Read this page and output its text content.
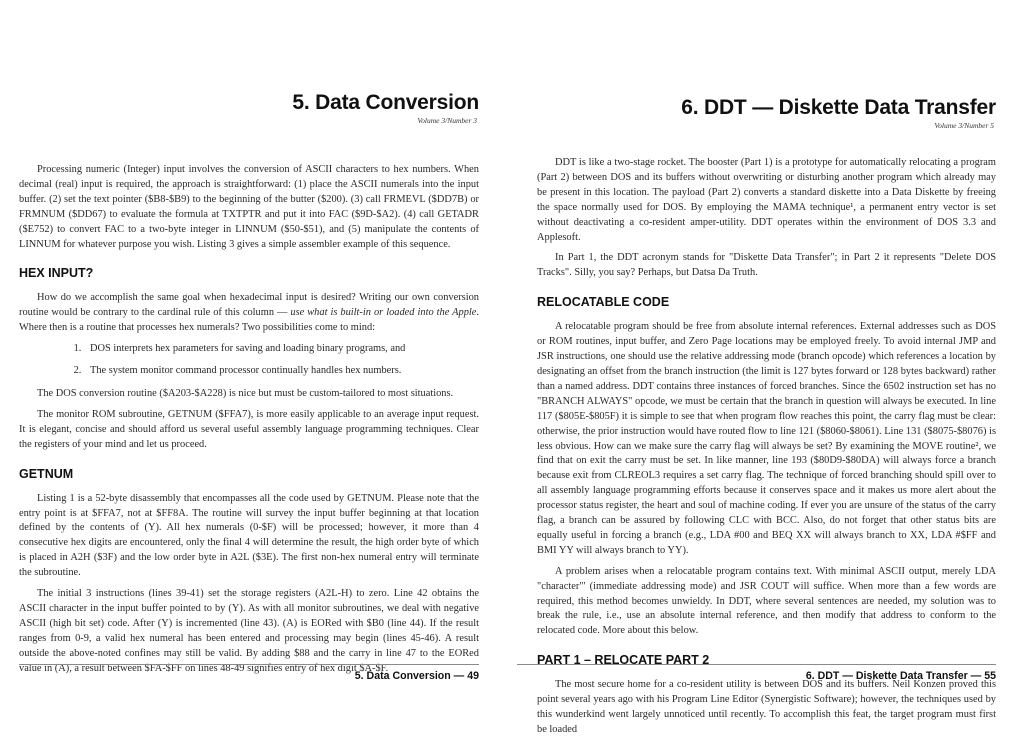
5. Data Conversion
Volume 3/Number 3

Processing numeric (Integer) input involves the conversion of ASCII characters to hex numbers. When decimal (real) input is required, the approach is straightforward: (1) place the ASCII numerals into the input buffer. (2) set the text pointer ($B8-$B9) to the beginning of the butter ($200). (3) call FRMEVL ($DD7B) or FRMNUM ($DD67) to evaluate the formula at TXTPTR and put it into FAC ($9D-$A2). (4) call GETADR ($E752) to convert FAC to a two-byte integer in LINNUM ($50-$51), and (5) manipulate the contents of LINNUM for whatever purpose you wish. Listing 3 gives a simple assembler example of this sequence.

HEX INPUT?

How do we accomplish the same goal when hexadecimal input is desired? Writing our own conversion routine would be contrary to the cardinal rule of this column — use what is built-in or loaded into the Apple. Where then is a routine that processes hex numerals? Two possibilities come to mind:

1. DOS interprets hex parameters for saving and loading binary programs, and
2. The system monitor command processor continually handles hex numbers.

The DOS conversion routine ($A203-$A228) is nice but must be custom-tailored to most situations.

The monitor ROM subroutine, GETNUM ($FFA7), is more easily applicable to an average input request. It is elegant, concise and should afford us several useful assembly language programming techniques. Clear the registers of your mind and let us proceed.

GETNUM

Listing 1 is a 52-byte disassembly that encompasses all the code used by GETNUM. Please note that the entry point is at $FFA7, not at $FF8A. The routine will survey the input buffer beginning at that location defined by the contents of (Y). All hex numerals (0-$F) will be processed; however, it more than 4 consecutive hex digits are encountered, only the final 4 will determine the result, the high order byte of which is placed in A2H ($3F) and the low order byte in A2L ($3E). The first non-hex numeral entry will terminate the subroutine.

The initial 3 instructions (lines 39-41) set the storage registers (A2L-H) to zero. Line 42 obtains the ASCII character in the input buffer pointed to by (Y). As with all monitor subroutines, we deal with negative ASCII (high bit set) code. After (Y) is incremented (line 43). (A) is EORed with $B0 (line 44). If the result ranges from 0-9, a valid hex numeral has been entered and processing may begin (lines 45-46). A result outside the above-noted confines may still be valid. By adding $88 and the carry in line 47 to the EORed value in (A), a result between $FA-$FF on lines 48-49 signifies entry of hex digit $A-$F.

5. Data Conversion — 49
6. DDT — Diskette Data Transfer
Volume 3/Number 5

DDT is like a two-stage rocket. The booster (Part 1) is a prototype for automatically relocating a program (Part 2) between DOS and its buffers without overwriting or disturbing another program which already may be present in this location. The payload (Part 2) converts a standard diskette into a Data Diskette by freeing the space normally used for DOS. By employing the MAMA technique¹, a permanent entry vector is set without deactivating a co-resident amper-utility. DDT operates within the environment of DOS 3.3 and Applesoft.

In Part 1, the DDT acronym stands for "Diskette Data Transfer"; in Part 2 it represents "Delete DOS Tracks". Silly, you say? Perhaps, but Datsa Da Truth.

RELOCATABLE CODE

A relocatable program should be free from absolute internal references. External addresses such as DOS or ROM routines, input buffer, and Zero Page locations may be employed freely. To avoid internal JMP and JSR instructions, one should use the relative addressing mode (branch opcode) which references a location by designating an offset from the branch instruction (the limit is 127 bytes forward or 128 bytes backward) rather than a named address. DDT contains three instances of forced branches. Since the 6502 instruction set has no "BRANCH ALWAYS" opcode, we must be certain that the branch in question will always be executed. In line 117 ($805E-$805F) it is simple to see that when program flow reaches this point, the carry flag must be clear: otherwise, the prior instruction would have routed flow to line 121 ($8060-$8061). Line 131 ($8075-$8076) is less obvious. How can we make sure the carry flag will always be set? By examining the MOVE routine², we find that on exit the carry must be set. In like manner, line 193 ($80D9-$80DA) will always force a branch because exit from CLREOL3 requires a set carry flag. The technique of forced branching should spill over to all assembly language programming efforts because it conserves space and it makes us more alert about the processor status register, the heart and soul of machine coding. If ever you are unsure of the status of the carry flag, a branch can be assured by following CLC with BCC. Also, do not forget that other status bits are equally useful in forcing a branch (e.g., LDA #00 and BEQ XX will always branch to XX, LDA #$FF and BMI YY will always branch to YY).

A problem arises when a relocatable program contains text. With minimal ASCII output, merely LDA "character"' (immediate addressing mode) and JSR COUT will suffice. When more than a few words are required, this method becomes unwieldy. In DDT, where several sentences are needed, my solution was to break the rule, i.e., use an absolute internal reference, and then modify that address to conform to the relocated code. More about this below.

PART 1 – RELOCATE PART 2

The most secure home for a co-resident utility is between DOS and its buffers. Neil Konzen proved this point several years ago with his Program Line Editor (Synergistic Software); however, the techniques used by this wunderkind went largely unnoticed until recently. To accomplish this feat, the target program must first be loaded

6. DDT — Diskette Data Transfer — 55
